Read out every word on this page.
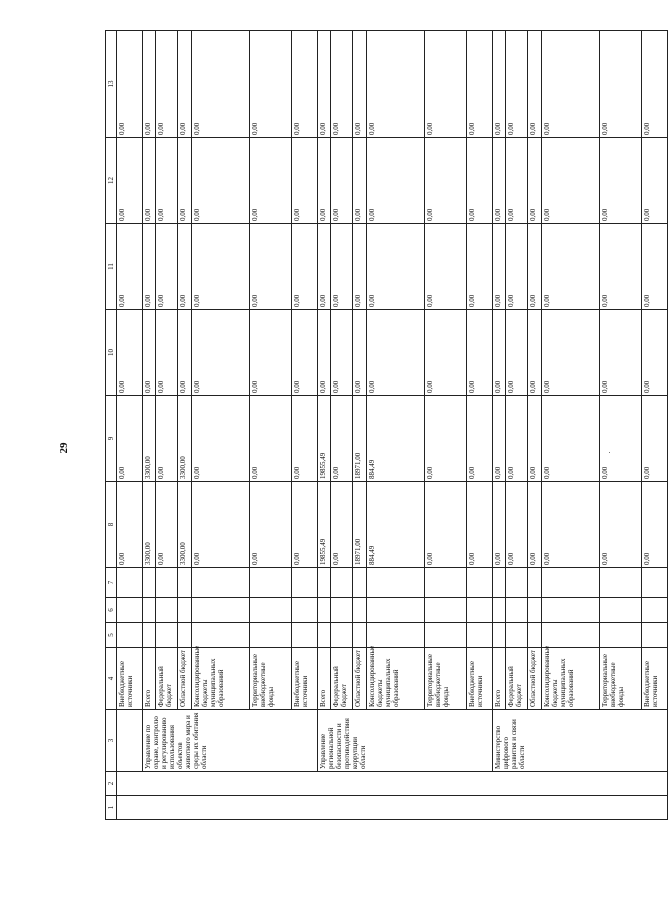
29
1	2	3	4	5	6	7	8	9	10	11	12	13
			Внебюджетные источники				0,00	0,00	0,00	0,00	0,00	0,00
		Управление по охране, контролю и регулированию использования объектов животного мира и среды их обитания области	Всего				3300,00	3300,00	0,00	0,00	0,00	0,00
			Федеральный бюджет				0,00	0,00	0,00	0,00	0,00	0,00
			Областной бюджет				3300,00	3300,00	0,00	0,00	0,00	0,00
			Консолидированные бюджеты муниципальных образований				0,00	0,00	0,00	0,00	0,00	0,00
			Территориальные внебюджетные фонды				0,00	0,00	0,00	0,00	0,00	0,00
			Внебюджетные источники				0,00	0,00	0,00	0,00	0,00	0,00
		Управление региональной безопасности и противодействия коррупции области	Всего				19855,49	19855,49	0,00	0,00	0,00	0,00
			Федеральный бюджет				0,00	0,00	0,00	0,00	0,00	0,00
			Областной бюджет				18971,00	18971,00	0,00	0,00	0,00	0,00
			Консолидированные бюджеты муниципальных образований				884,49	884,49	0,00	0,00	0,00	0,00
			Территориальные внебюджетные фонды				0,00	0,00	0,00	0,00	0,00	0,00
			Внебюджетные источники				0,00	0,00	0,00	0,00	0,00	0,00
		Министерство цифрового развития и связи области	Всего				0,00	0,00	0,00	0,00	0,00	0,00
			Федеральный бюджет				0,00	0,00	0,00	0,00	0,00	0,00
			Областной бюджет				0,00	0,00	0,00	0,00	0,00	0,00
			Консолидированные бюджеты муниципальных образований				0,00	0,00	0,00	0,00	0,00	0,00
			Территориальные внебюджетные фонды				0,00	0,00	0,00	0,00	0,00	0,00
			Внебюджетные источники				0,00	0,00	0,00	0,00	0,00	0,00
